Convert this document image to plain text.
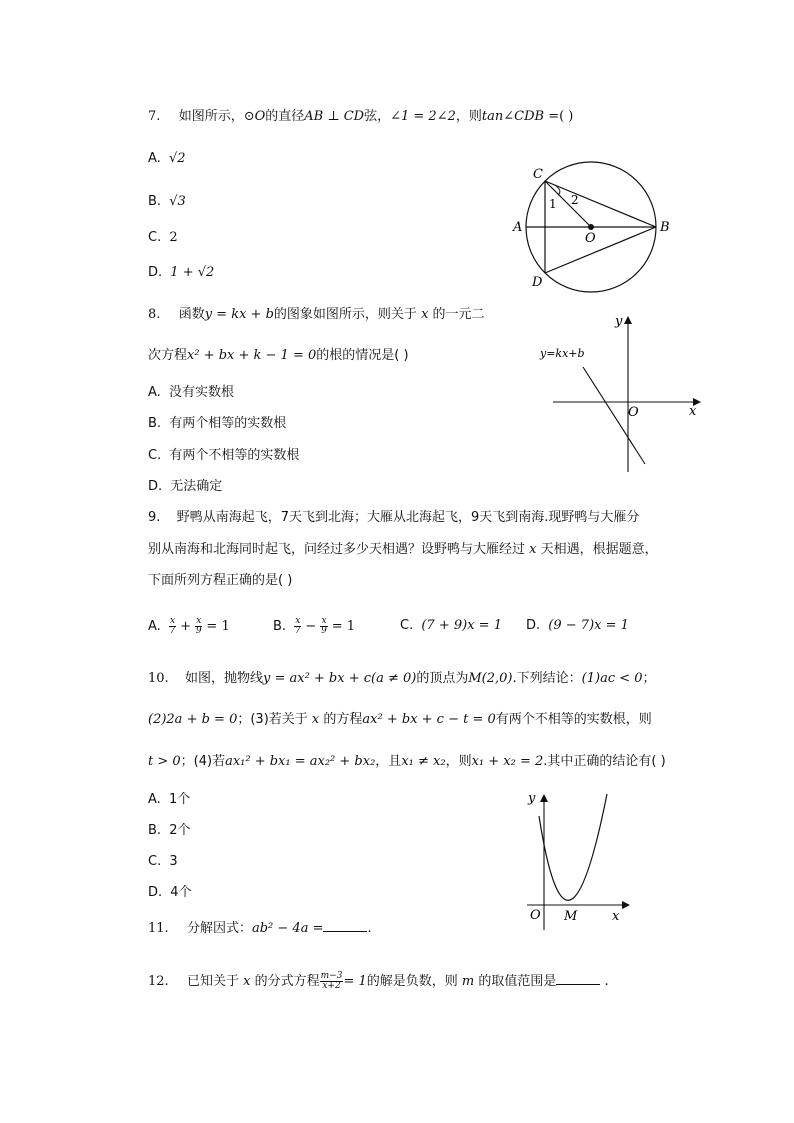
7. 如图所示，⊙O的直径AB ⊥ CD弦，∠1 = 2∠2，则tan∠CDB =( )
A. √2
B. √3
C. 2
D. 1 + √2
C
A	B
D
O
1 2
8. 函数y = kx + b的图象如图所示，则关于 x 的一元二
次方程x² + bx + k − 1 = 0的根的情况是( )
A. 没有实数根
B. 有两个相等的实数根
C. 有两个不相等的实数根
D. 无法确定
y
x
O
y=kx+b
9. 野鸭从南海起飞，7天飞到北海；大雁从北海起飞，9天飞到南海.现野鸭与大雁分
别从南海和北海同时起飞，问经过多少天相遇？设野鸭与大雁经过 x 天相遇，根据题意，
下面所列方程正确的是( )
A. $\frac{x}{7} + \frac{x}{9} = 1$	B. $\frac{x}{7} - \frac{x}{9} = 1$	C. (7 + 9)x = 1 D. (9 − 7)x = 1
10. 如图，抛物线y = ax² + bx + c(a ≠ 0)的顶点为M(2,0).下列结论：(1)ac < 0；
(2)2a + b = 0；(3)若关于 x 的方程ax² + bx + c − t = 0有两个不相等的实数根，则
t > 0；(4)若ax₁² + bx₁ = ax₂² + bx₂，且x₁ ≠ x₂，则x₁ + x₂ = 2.其中正确的结论有( )
A. 1个
B. 2个
C. 3
D. 4个
y
x
O M
11. 分解因式：ab² − 4a =	.
12. 已知关于 x 的分式方程 $\frac{m-3}{x+2} = 1$的解是负数，则 m 的取值范围是	.
